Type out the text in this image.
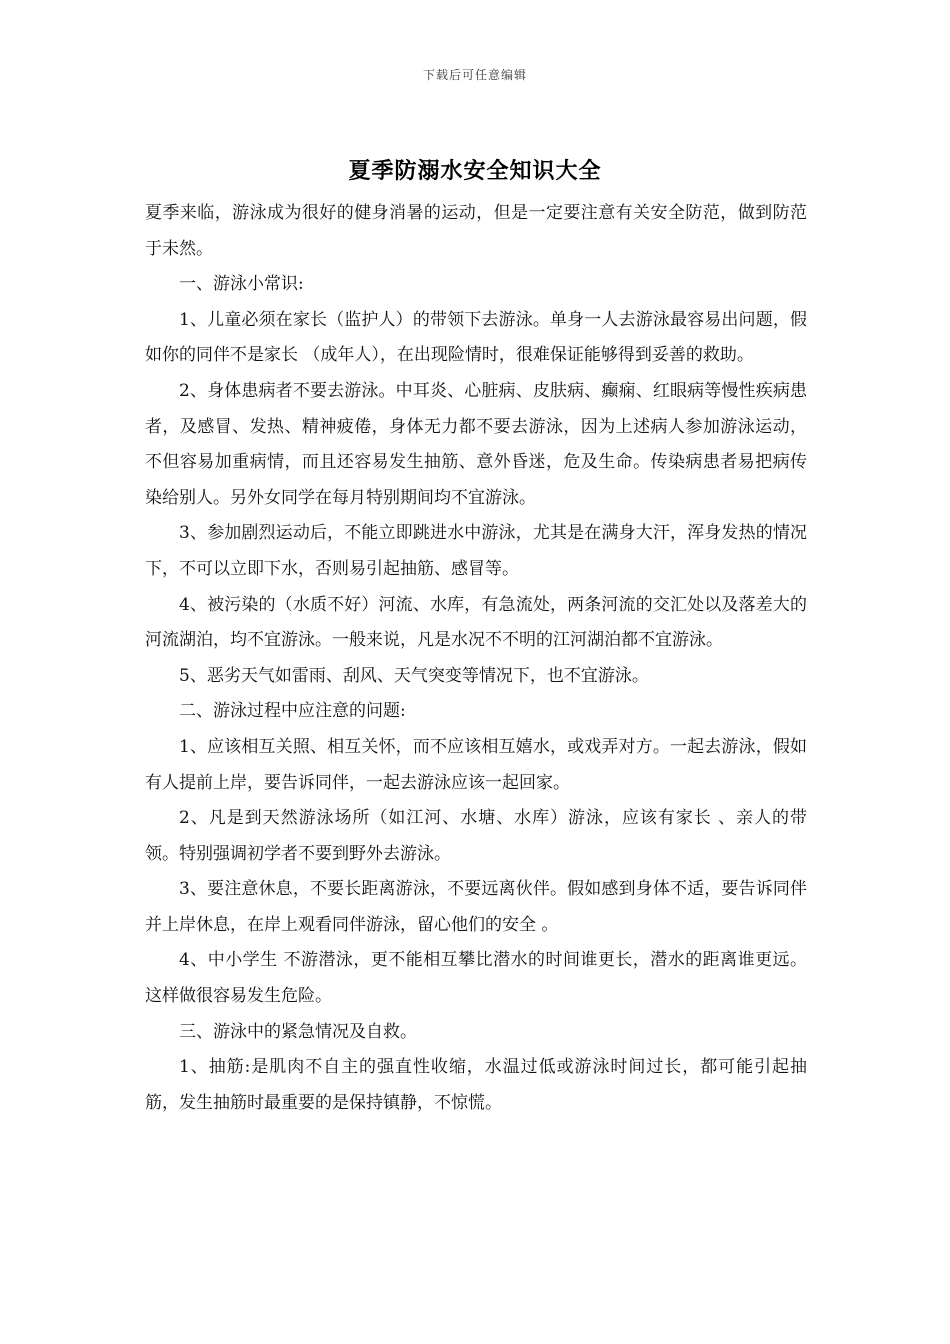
下载后可任意编辑
夏季防溺水安全知识大全

夏季来临，游泳成为很好的健身消暑的运动，但是一定要注意有关安全防范，做到防范于未然。

一、游泳小常识:

1、儿童必须在家长（监护人）的带领下去游泳。单身一人去游泳最容易出问题，假如你的同伴不是家长 （成年人），在出现险情时，很难保证能够得到妥善的救助。

2、身体患病者不要去游泳。中耳炎、心脏病、皮肤病、癫痫、红眼病等慢性疾病患者，及感冒、发热、精神疲倦，身体无力都不要去游泳，因为上述病人参加游泳运动，不但容易加重病情，而且还容易发生抽筋、意外昏迷，危及生命。传染病患者易把病传染给别人。另外女同学在每月特别期间均不宜游泳。

3、参加剧烈运动后，不能立即跳进水中游泳，尤其是在满身大汗，浑身发热的情况下，不可以立即下水，否则易引起抽筋、感冒等。

4、被污染的（水质不好）河流、水库，有急流处，两条河流的交汇处以及落差大的河流湖泊，均不宜游泳。一般来说，凡是水况不不明的江河湖泊都不宜游泳。

5、恶劣天气如雷雨、刮风、天气突变等情况下，也不宜游泳。

二、游泳过程中应注意的问题:

1、应该相互关照、相互关怀，而不应该相互嬉水，或戏弄对方。一起去游泳，假如有人提前上岸，要告诉同伴，一起去游泳应该一起回家。

2、凡是到天然游泳场所（如江河、水塘、水库）游泳，应该有家长 、亲人的带领。特别强调初学者不要到野外去游泳。

3、要注意休息，不要长距离游泳，不要远离伙伴。假如感到身体不适，要告诉同伴并上岸休息，在岸上观看同伴游泳，留心他们的安全 。

4、中小学生 不游潜泳，更不能相互攀比潜水的时间谁更长，潜水的距离谁更远。这样做很容易发生危险。

三、游泳中的紧急情况及自救。

1、抽筋:是肌肉不自主的强直性收缩，水温过低或游泳时间过长，都可能引起抽筋，发生抽筋时最重要的是保持镇静，不惊慌。
